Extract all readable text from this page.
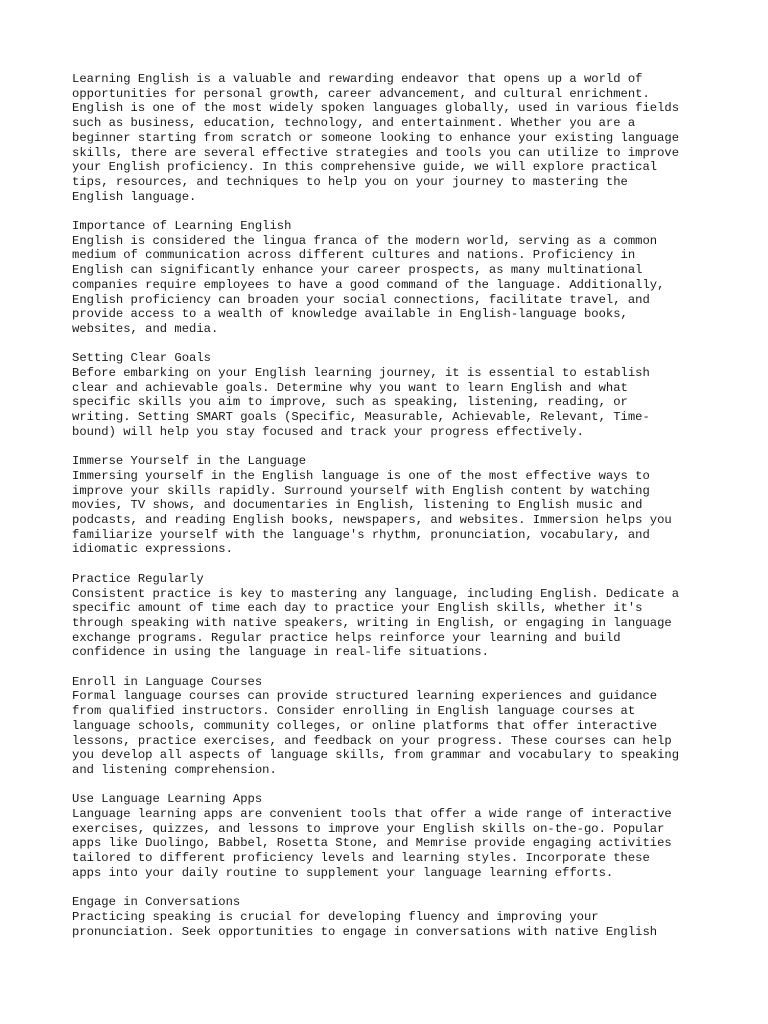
Learning English is a valuable and rewarding endeavor that opens up a world of
opportunities for personal growth, career advancement, and cultural enrichment.
English is one of the most widely spoken languages globally, used in various fields
such as business, education, technology, and entertainment. Whether you are a
beginner starting from scratch or someone looking to enhance your existing language
skills, there are several effective strategies and tools you can utilize to improve
your English proficiency. In this comprehensive guide, we will explore practical
tips, resources, and techniques to help you on your journey to mastering the
English language.
Importance of Learning English
English is considered the lingua franca of the modern world, serving as a common
medium of communication across different cultures and nations. Proficiency in
English can significantly enhance your career prospects, as many multinational
companies require employees to have a good command of the language. Additionally,
English proficiency can broaden your social connections, facilitate travel, and
provide access to a wealth of knowledge available in English-language books,
websites, and media.
Setting Clear Goals
Before embarking on your English learning journey, it is essential to establish
clear and achievable goals. Determine why you want to learn English and what
specific skills you aim to improve, such as speaking, listening, reading, or
writing. Setting SMART goals (Specific, Measurable, Achievable, Relevant, Time-
bound) will help you stay focused and track your progress effectively.
Immerse Yourself in the Language
Immersing yourself in the English language is one of the most effective ways to
improve your skills rapidly. Surround yourself with English content by watching
movies, TV shows, and documentaries in English, listening to English music and
podcasts, and reading English books, newspapers, and websites. Immersion helps you
familiarize yourself with the language's rhythm, pronunciation, vocabulary, and
idiomatic expressions.
Practice Regularly
Consistent practice is key to mastering any language, including English. Dedicate a
specific amount of time each day to practice your English skills, whether it's
through speaking with native speakers, writing in English, or engaging in language
exchange programs. Regular practice helps reinforce your learning and build
confidence in using the language in real-life situations.
Enroll in Language Courses
Formal language courses can provide structured learning experiences and guidance
from qualified instructors. Consider enrolling in English language courses at
language schools, community colleges, or online platforms that offer interactive
lessons, practice exercises, and feedback on your progress. These courses can help
you develop all aspects of language skills, from grammar and vocabulary to speaking
and listening comprehension.
Use Language Learning Apps
Language learning apps are convenient tools that offer a wide range of interactive
exercises, quizzes, and lessons to improve your English skills on-the-go. Popular
apps like Duolingo, Babbel, Rosetta Stone, and Memrise provide engaging activities
tailored to different proficiency levels and learning styles. Incorporate these
apps into your daily routine to supplement your language learning efforts.
Engage in Conversations
Practicing speaking is crucial for developing fluency and improving your
pronunciation. Seek opportunities to engage in conversations with native English
